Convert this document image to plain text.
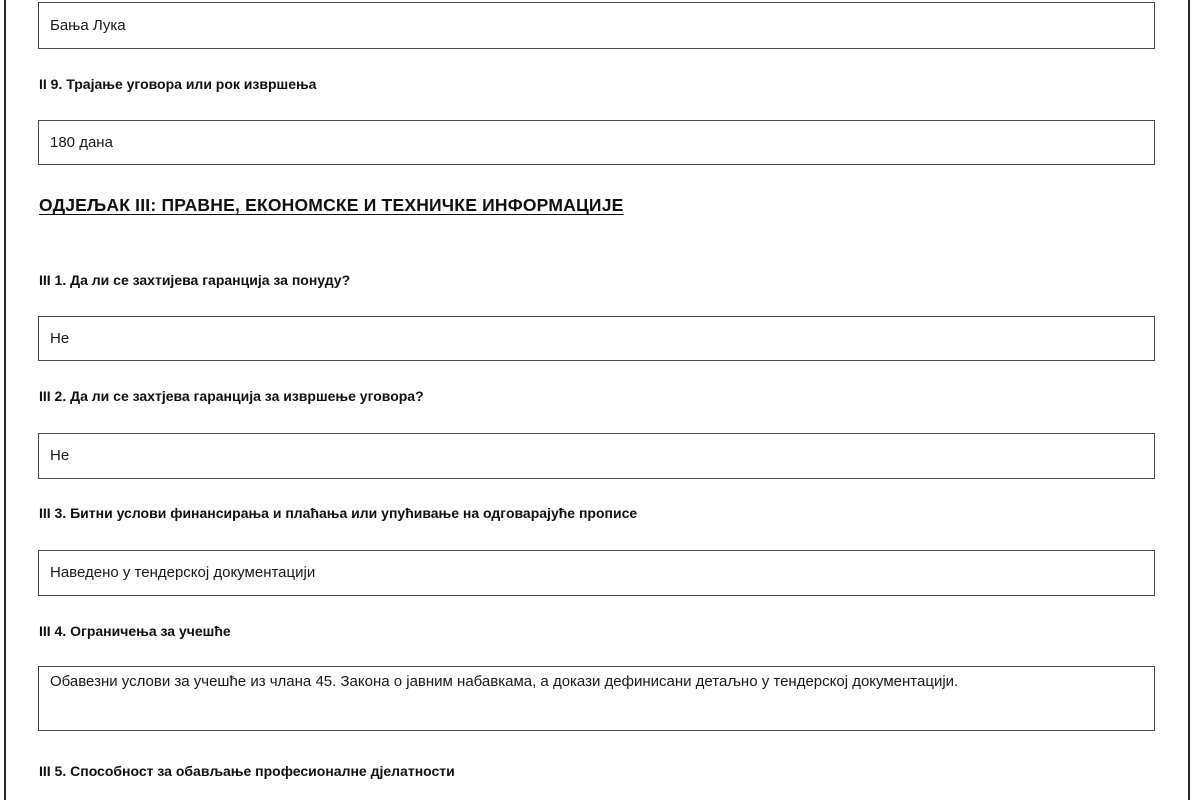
Бања Лука
II 9. Трајање уговора или рок извршења
180 дана
ОДЈЕЉАК III: ПРАВНЕ, ЕКОНОМСКЕ И ТЕХНИЧКЕ ИНФОРМАЦИЈЕ
III 1. Да ли се захтијева гаранција за понуду?
Не
III 2. Да ли се захтјева гаранција за извршење уговора?
Не
III 3. Битни услови финансирања и плаћања или упућивање на одговарајуће прописе
Наведено у тендерској документацији
III 4. Ограничења за учешће
Обавезни услови за учешће из члана 45. Закона о јавним набавкама, а докази дефинисани детаљно у тендерској документацији.
III 5. Способност за обављање професионалне дјелатности
